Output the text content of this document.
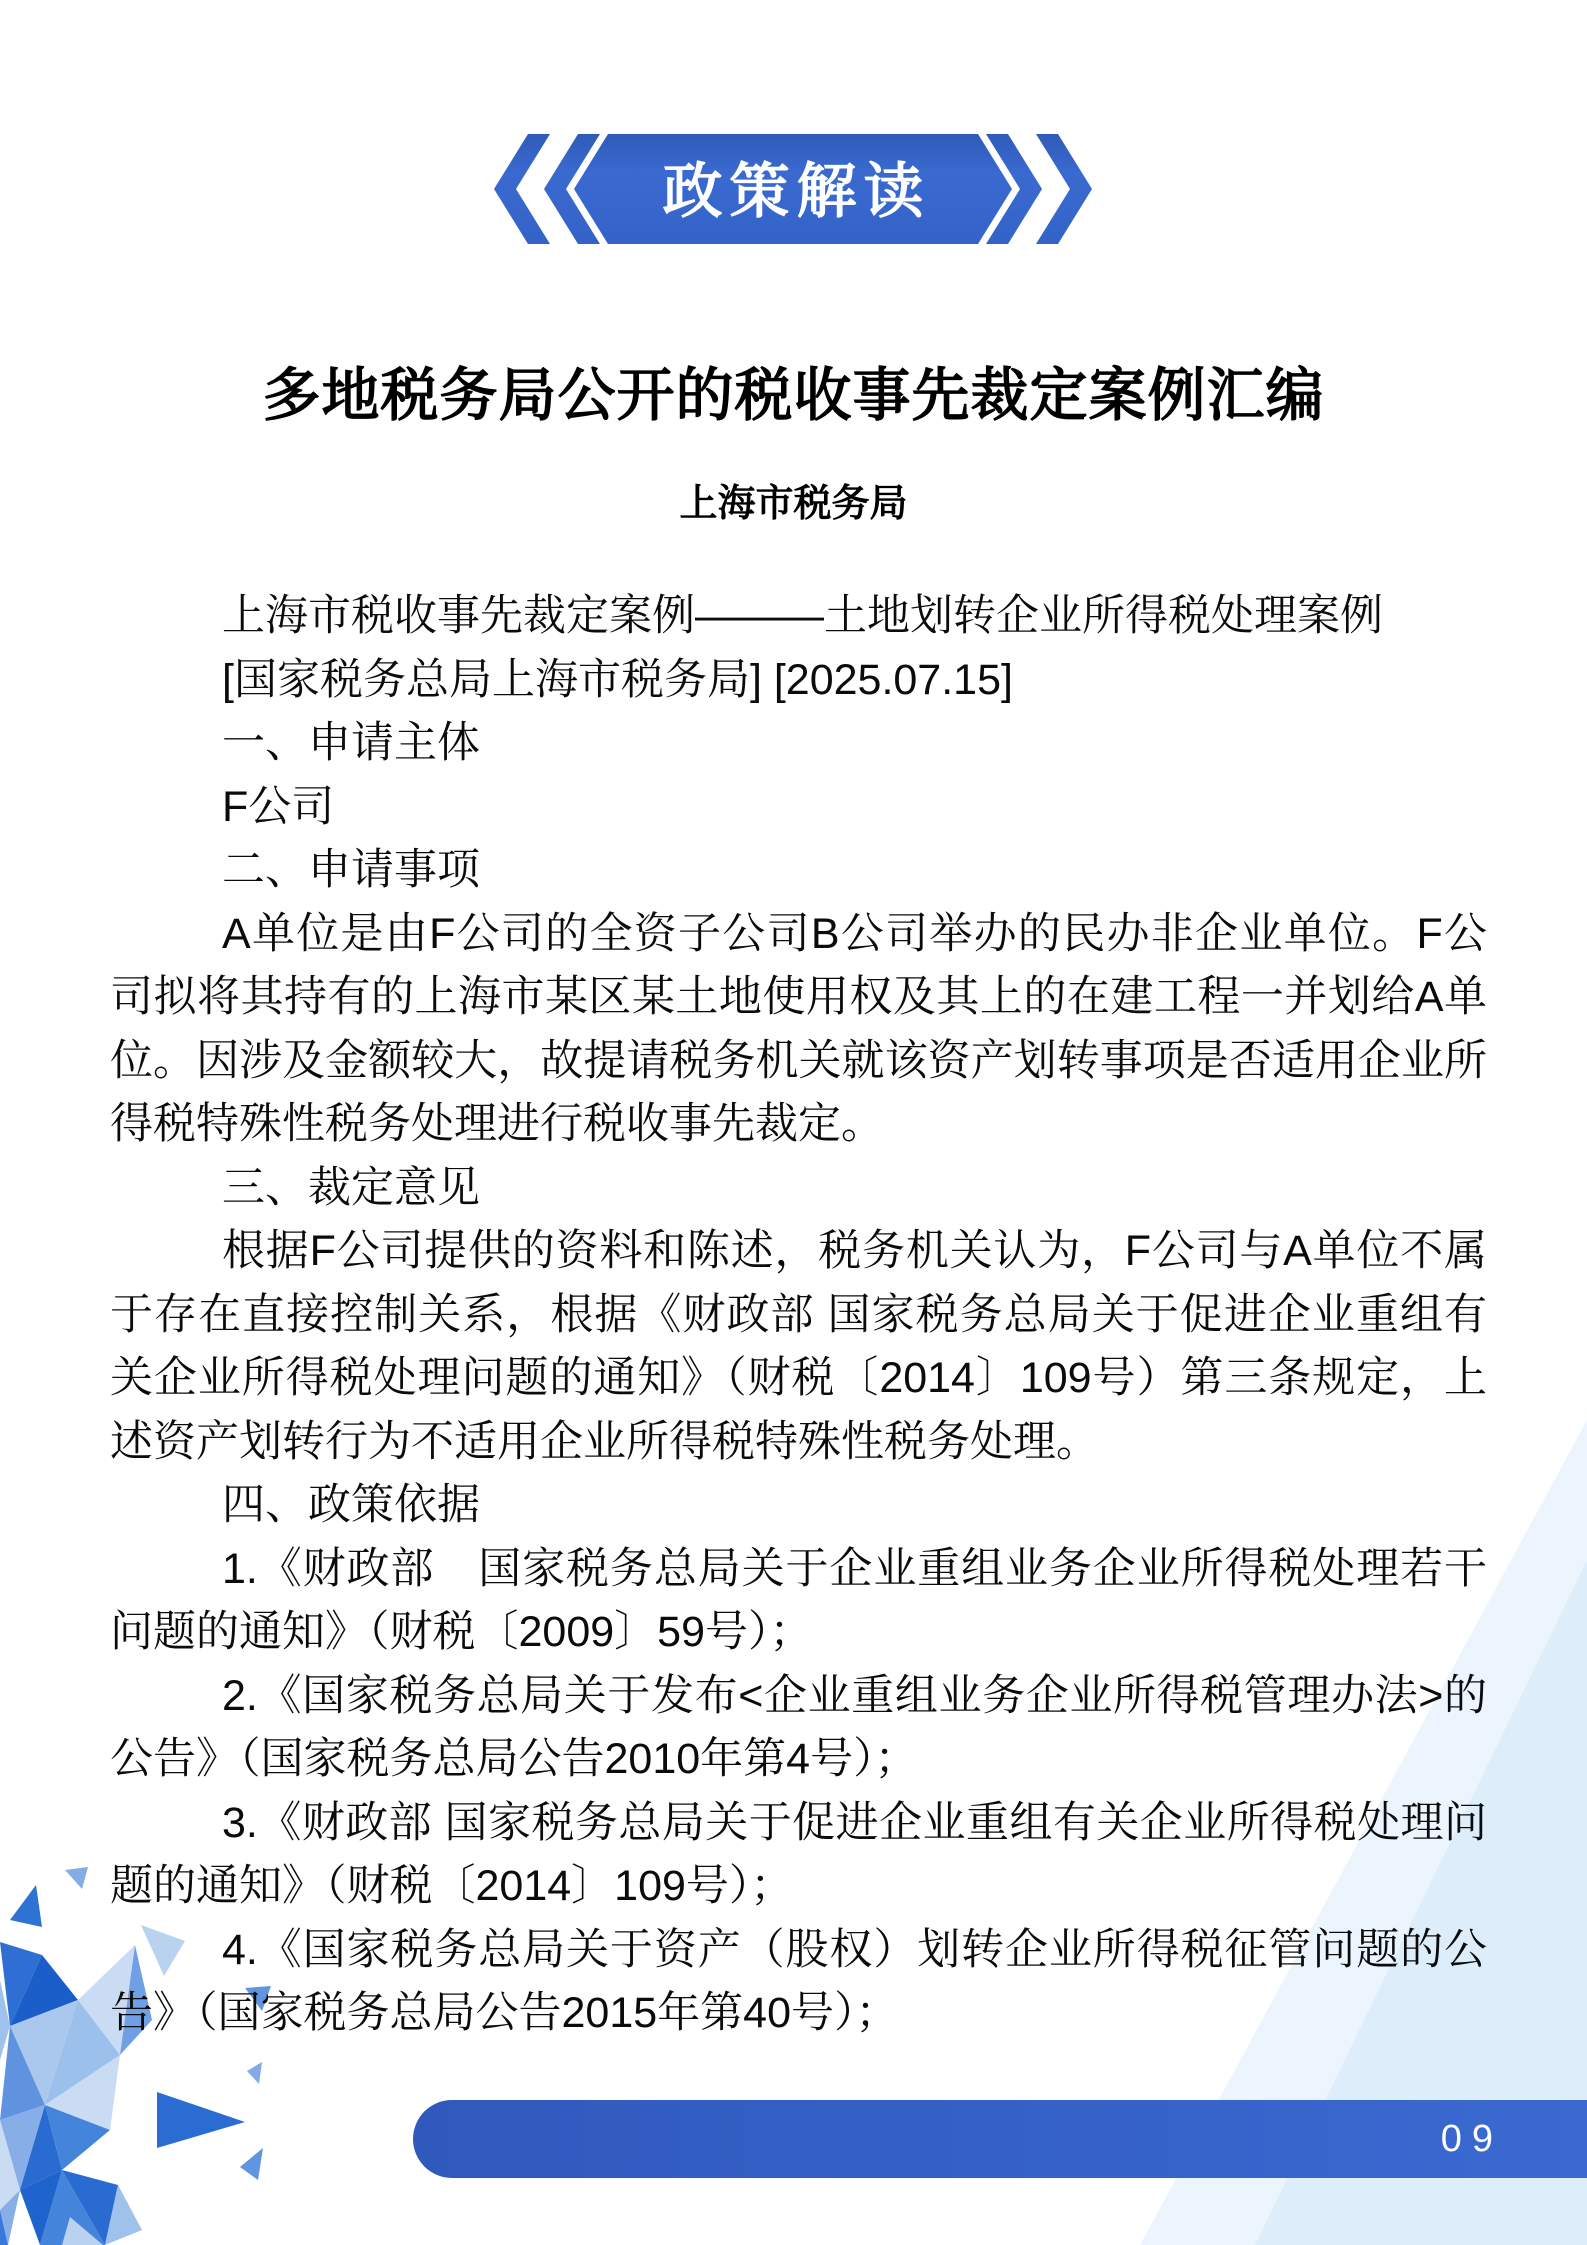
政策解读
多地税务局公开的税收事先裁定案例汇编
上海市税务局

上海市税收事先裁定案例———土地划转企业所得税处理案例

[国家税务总局上海市税务局] [2025.07.15]

一、申请主体

F公司

二、申请事项

A单位是由F公司的全资子公司B公司举办的民办非企业单位。F公司拟将其持有的上海市某区某土地使用权及其上的在建工程一并划给A单位。因涉及金额较大，故提请税务机关就该资产划转事项是否适用企业所得税特殊性税务处理进行税收事先裁定。

三、裁定意见

根据F公司提供的资料和陈述，税务机关认为，F公司与A单位不属于存在直接控制关系，根据《财政部 国家税务总局关于促进企业重组有关企业所得税处理问题的通知》（财税〔2014〕109号）第三条规定，上述资产划转行为不适用企业所得税特殊性税务处理。

四、政策依据

1.《财政部　国家税务总局关于企业重组业务企业所得税处理若干问题的通知》（财税〔2009〕59号）；

2.《国家税务总局关于发布<企业重组业务企业所得税管理办法>的公告》（国家税务总局公告2010年第4号）；

3.《财政部 国家税务总局关于促进企业重组有关企业所得税处理问题的通知》（财税〔2014〕109号）；

4.《国家税务总局关于资产（股权）划转企业所得税征管问题的公告》（国家税务总局公告2015年第40号）；

09
